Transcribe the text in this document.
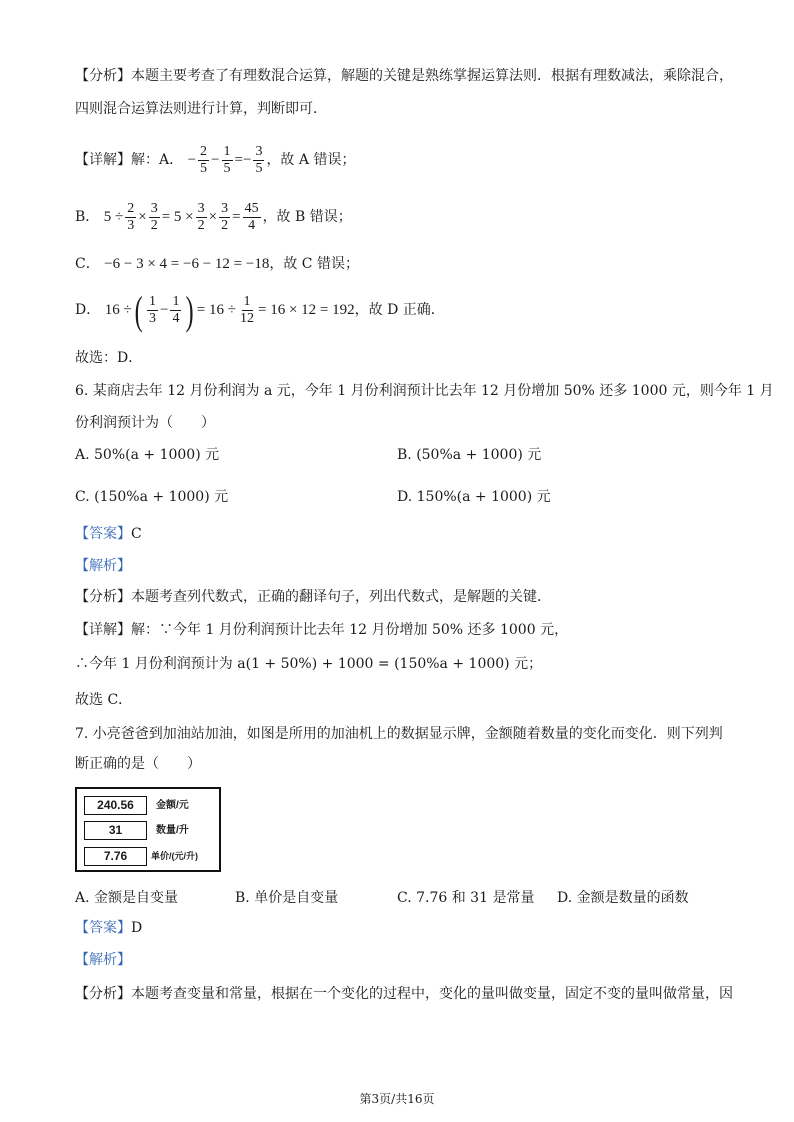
【分析】本题主要考查了有理数混合运算，解题的关键是熟练掌握运算法则．根据有理数减法，乘除混合，
四则混合运算法则进行计算，判断即可．
【详解】解：A． − $\frac{2}{5} - \frac{1}{5} =- \frac{3}{5}$ ，故 A 错误；
B． $5 \div \frac{2}{3} \times \frac{3}{2} = 5 \times \frac{3}{2} \times \frac{3}{2} = \frac{45}{4}$ ，故 B 错误；
C． −6 − 3 × 4 = −6 − 12 = −18，故 C 错误；
D． 16 ÷( $\frac{1}{3} - \frac{1}{4}$ ) = $16 \div \frac{1}{12} = 16 \times 12 = 192$，故 D 正确．
故选：D．
6. 某商店去年 12 月份利润为 a 元，今年 1 月份利润预计比去年 12 月份增加 50% 还多 1000 元，则今年 1 月
份利润预计为（　　）
A. 50%(a + 1000) 元	B. (50%a + 1000) 元
C. (150%a + 1000) 元	D. 150%(a + 1000) 元
【答案】C
【解析】
【分析】本题考查列代数式，正确的翻译句子，列出代数式，是解题的关键．
【详解】解：∵今年 1 月份利润预计比去年 12 月份增加 50% 还多 1000 元，
∴今年 1 月份利润预计为 a(1 + 50%) + 1000 = (150%a + 1000) 元；
故选 C．
7. 小亮爸爸到加油站加油，如图是所用的加油机上的数据显示牌，金额随着数量的变化而变化．则下列判
断正确的是（　　）
240.56	金额/元
31	数量/升
7.76	单价/(元/升)
A. 金额是自变量	B. 单价是自变量	C. 7.76 和 31 是常量 D. 金额是数量的函数
【答案】D
【解析】
【分析】本题考查变量和常量，根据在一个变化的过程中，变化的量叫做变量，固定不变的量叫做常量，因
第3页/共16页
